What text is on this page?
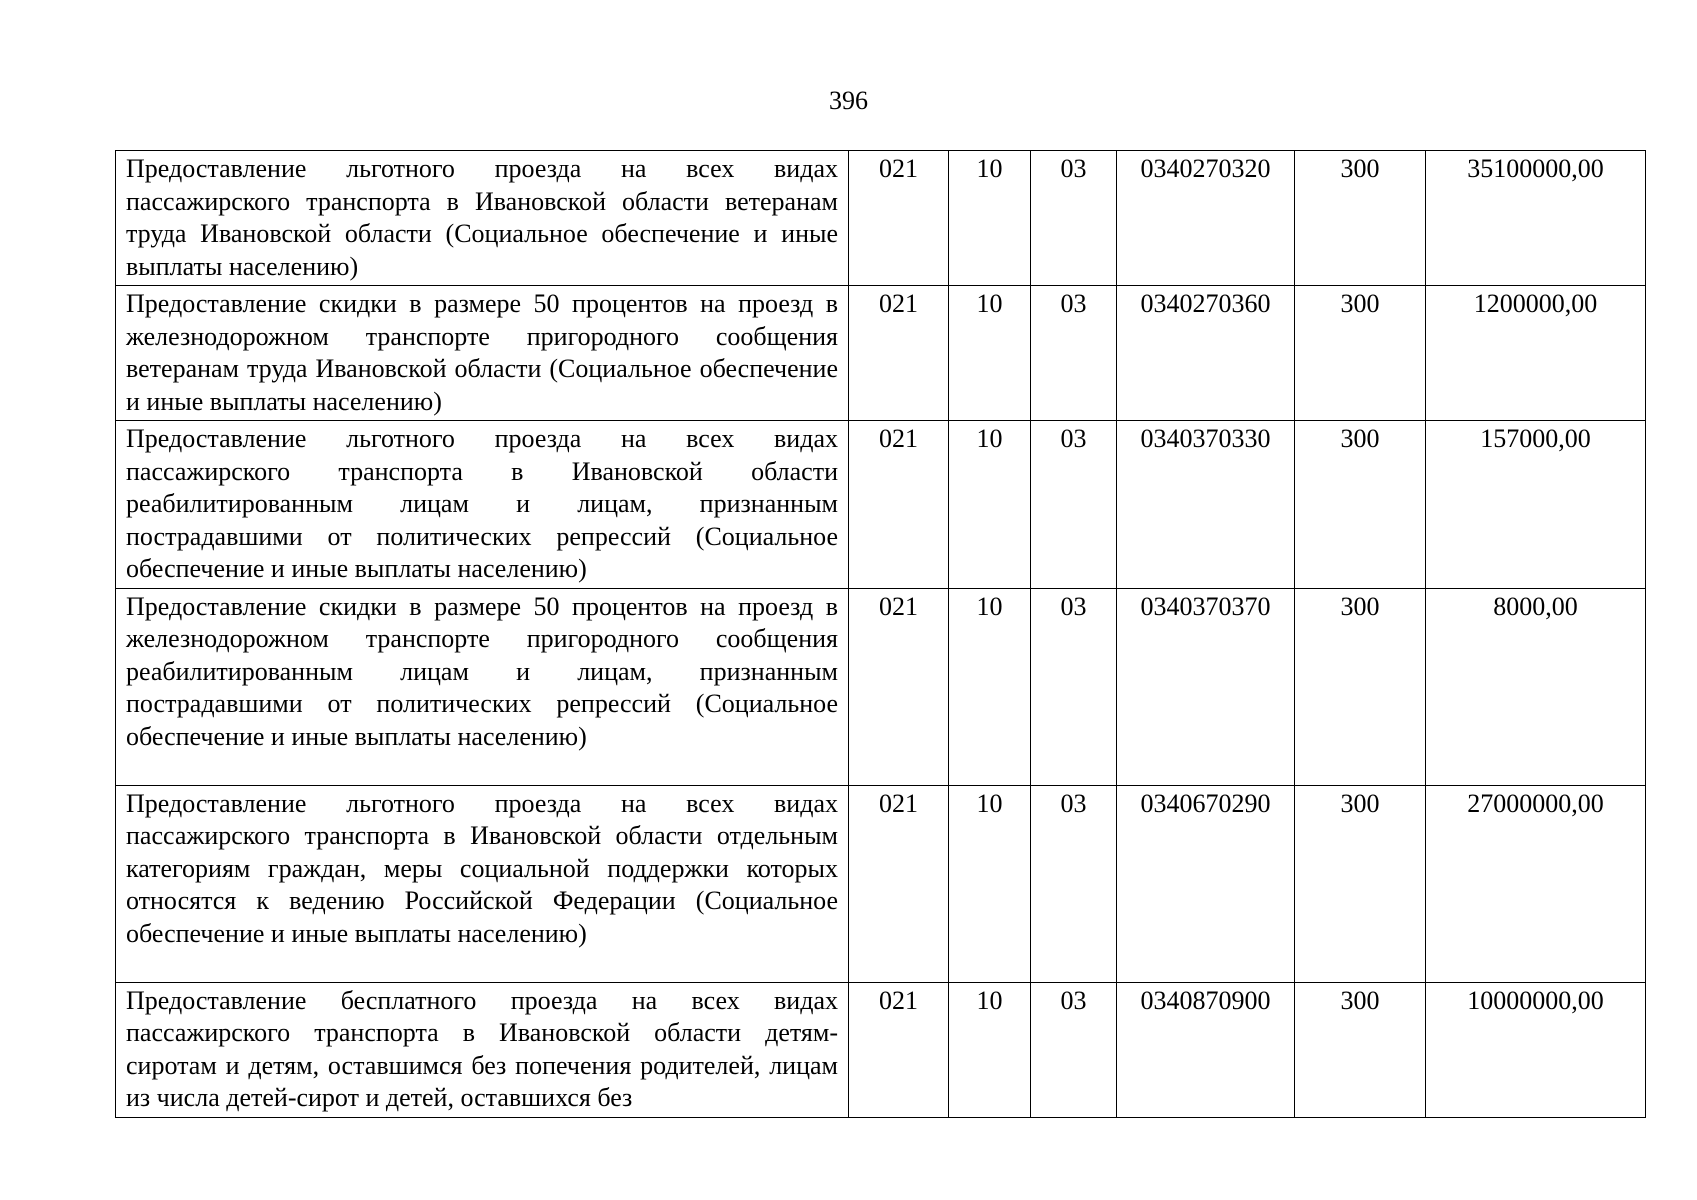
396
Предоставление льготного проезда на всех видах пассажирского транспорта в Ивановской области ветеранам труда Ивановской области (Социальное обеспечение и иные выплаты населению)	021	10	03	0340270320	300	35100000,00
Предоставление скидки в размере 50 процентов на проезд в железнодорожном транспорте пригородного сообщения ветеранам труда Ивановской области (Социальное обеспечение и иные выплаты населению)	021	10	03	0340270360	300	1200000,00
Предоставление льготного проезда на всех видах пассажирского транспорта в Ивановской области реабилитированным лицам и лицам, признанным пострадавшими от политических репрессий (Социальное обеспечение и иные выплаты населению)	021	10	03	0340370330	300	157000,00
Предоставление скидки в размере 50 процентов на проезд в железнодорожном транспорте пригородного сообщения реабилитированным лицам и лицам, признанным пострадавшими от политических репрессий (Социальное обеспечение и иные выплаты населению)	021	10	03	0340370370	300	8000,00
Предоставление льготного проезда на всех видах пассажирского транспорта в Ивановской области отдельным категориям граждан, меры социальной поддержки которых относятся к ведению Российской Федерации (Социальное обеспечение и иные выплаты населению)	021	10	03	0340670290	300	27000000,00
Предоставление бесплатного проезда на всех видах пассажирского транспорта в Ивановской области детям-сиротам и детям, оставшимся без попечения родителей, лицам из числа детей-сирот и детей, оставшихся без	021	10	03	0340870900	300	10000000,00
